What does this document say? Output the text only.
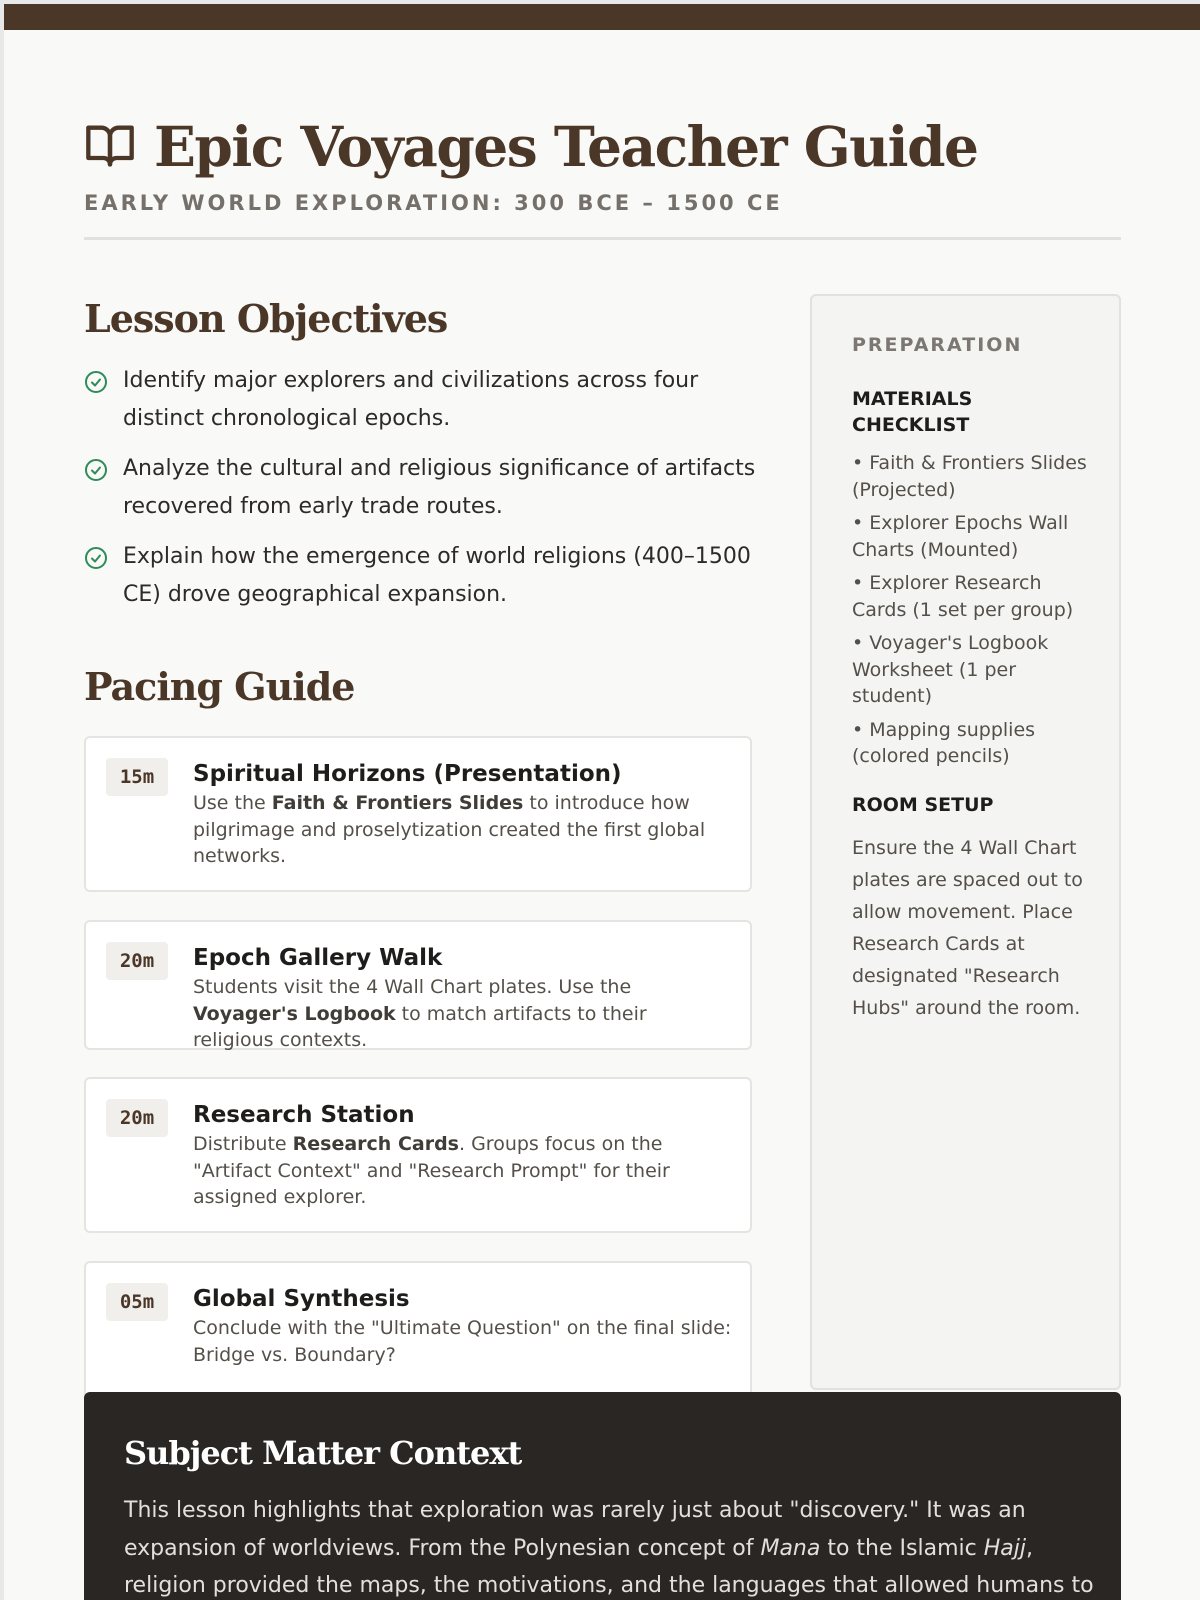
Epic Voyages Teacher Guide
EARLY WORLD EXPLORATION: 300 BCE – 1500 CE
Lesson Objectives
Identify major explorers and civilizations across four distinct chronological epochs.
Analyze the cultural and religious significance of artifacts recovered from early trade routes.
Explain how the emergence of world religions (400–1500 CE) drove geographical expansion.
Pacing Guide
15m	Spiritual Horizons (Presentation)
Use the Faith & Frontiers Slides to introduce how pilgrimage and proselytization created the first global networks.
20m	Epoch Gallery Walk
Students visit the 4 Wall Chart plates. Use the Voyager's Logbook to match artifacts to their religious contexts.
20m	Research Station
Distribute Research Cards. Groups focus on the "Artifact Context" and "Research Prompt" for their assigned explorer.
05m	Global Synthesis
Conclude with the "Ultimate Question" on the final slide: Bridge vs. Boundary?
PREPARATION
MATERIALS CHECKLIST
• Faith & Frontiers Slides (Projected)
• Explorer Epochs Wall Charts (Mounted)
• Explorer Research Cards (1 set per group)
• Voyager's Logbook Worksheet (1 per student)
• Mapping supplies (colored pencils)
ROOM SETUP
Ensure the 4 Wall Chart plates are spaced out to allow movement. Place Research Cards at designated "Research Hubs" around the room.
Subject Matter Context

This lesson highlights that exploration was rarely just about "discovery." It was an expansion of worldviews. From the Polynesian concept of Mana to the Islamic Hajj, religion provided the maps, the motivations, and the languages that allowed humans to
